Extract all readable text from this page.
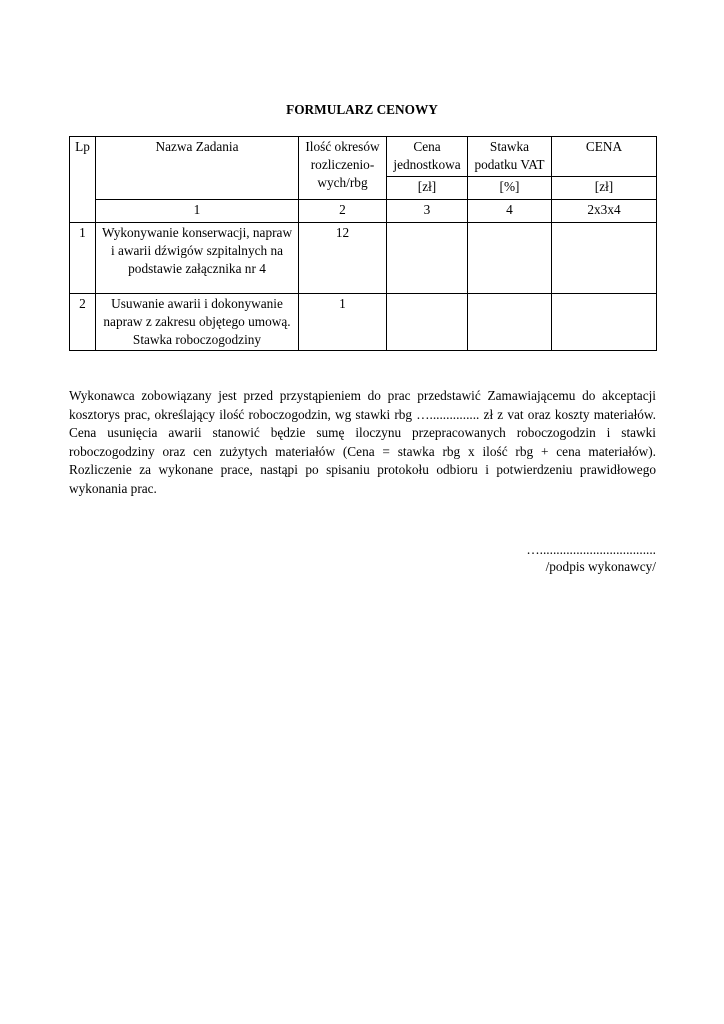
FORMULARZ CENOWY
Lp	Nazwa Zadania	Ilość okresów rozliczenio-wych/rbg	Cena jednostkowa	Stawka podatku VAT	CENA
			[zł]	[%]	[zł]
	1	2	3	4	2x3x4
1	Wykonywanie konserwacji, napraw i awarii dźwigów szpitalnych na podstawie załącznika nr 4	12			
2	Usuwanie awarii i dokonywanie napraw z zakresu objętego umową. Stawka roboczogodziny	1			
Wykonawca zobowiązany jest przed przystąpieniem do prac przedstawić Zamawiającemu do akceptacji kosztorys prac, określający ilość roboczogodzin, wg stawki rbg …............... zł z vat oraz koszty materiałów. Cena usunięcia awarii stanowić będzie sumę iloczynu przepracowanych roboczogodzin i stawki roboczogodziny oraz cen zużytych materiałów (Cena = stawka rbg x ilość rbg + cena materiałów). Rozliczenie za wykonane prace, nastąpi po spisaniu protokołu odbioru i potwierdzeniu prawidłowego wykonania prac.
…...................................
/podpis wykonawcy/
